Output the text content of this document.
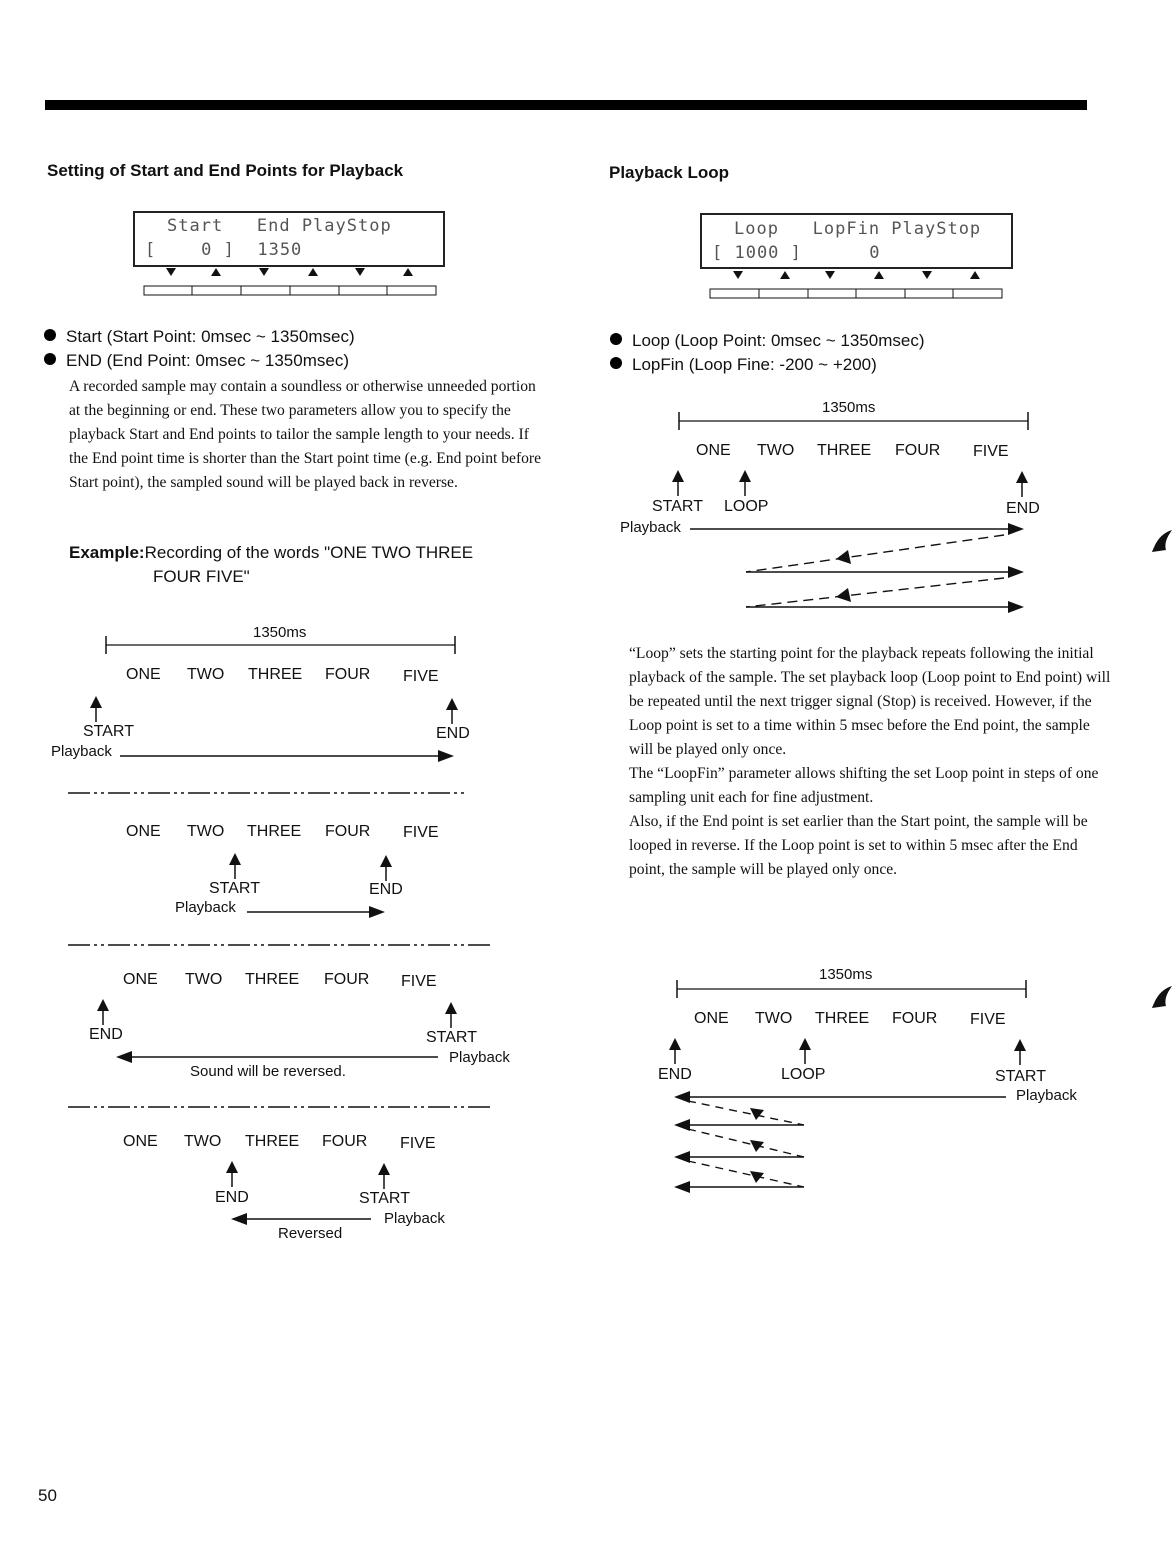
Setting of Start and End Points for Playback
Start   End PlayStop
[    0 ]  1350
Start (Start Point: 0msec ~ 1350msec)
END (End Point: 0msec ~ 1350msec)
A recorded sample may contain a soundless or otherwise unneeded portion at the beginning or end. These two parameters allow you to specify the playback Start and End points to tailor the sample length to your needs. If the End point time is shorter than the Start point time (e.g. End point before Start point), the sampled sound will be played back in reverse.
Example:Recording of the words "ONE TWO THREE
FOUR FIVE"
1350ms
ONE TWO THREE FOUR FIVE
START	END
Playback
ONE TWO THREE FOUR FIVE
START	END
Playback
ONE TWO THREE FOUR FIVE
END	START
Playback
Sound will be reversed.
ONE TWO THREE FOUR FIVE
END	START
Playback
Reversed
Playback Loop
Loop   LopFin PlayStop
[ 1000 ]      0
Loop (Loop Point: 0msec ~ 1350msec)
LopFin (Loop Fine: -200 ~ +200)
1350ms
ONE TWO THREE FOUR FIVE
START LOOP	END
Playback

“Loop” sets the starting point for the playback repeats following the initial playback of the sample. The set playback loop (Loop point to End point) will be repeated until the next trigger signal (Stop) is received. However, if the Loop point is set to a time within 5 msec before the End point, the sample will be played only once.

The “LoopFin” parameter allows shifting the set Loop point in steps of one sampling unit each for fine adjustment.

Also, if the End point is set earlier than the Start point, the sample will be looped in reverse. If the Loop point is set to within 5 msec after the End point, the sample will be played only once.

1350ms
ONE TWO THREE FOUR FIVE
END	LOOP	START
Playback
50
